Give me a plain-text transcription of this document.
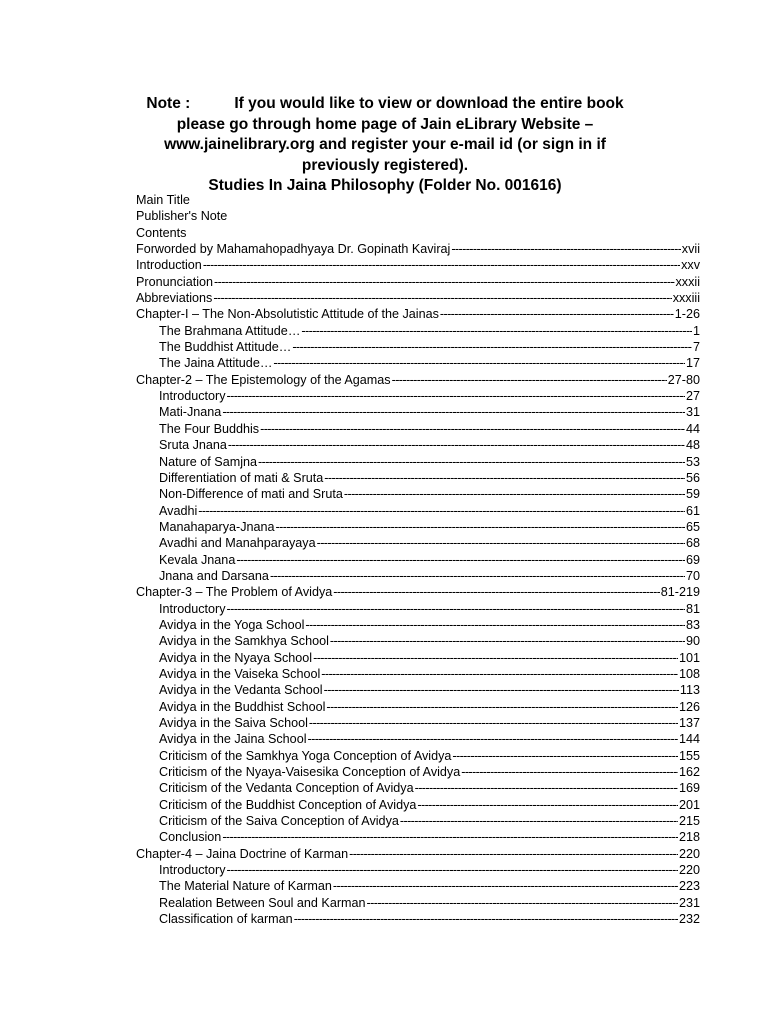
Note :	If you would like to view or download the entire book
please go through home page of Jain eLibrary Website –
www.jainelibrary.org and register your e-mail id (or sign in if
previously registered).
Studies In Jaina Philosophy (Folder No. 001616)
Main Title
Publisher's Note
Contents
Forworded by Mahamahopadhyaya Dr. Gopinath Kaviraj -----	xvii
Introduction -----	xxv
Pronunciation -----	xxxii
Abbreviations -----	xxxiii
Chapter-I – The Non-Absolutistic Attitude of the Jainas -----	1-26
The Brahmana Attitude… -----	1
The Buddhist Attitude… -----	7
The Jaina Attitude… -----	17
Chapter-2 – The Epistemology of the Agamas -----	27-80
Introductory -----	27
Mati-Jnana -----	31
The Four Buddhis -----	44
Sruta Jnana -----	48
Nature of Samjna -----	53
Differentiation of mati & Sruta -----	56
Non-Difference of mati and Sruta -----	59
Avadhi -----	61
Manahaparya-Jnana -----	65
Avadhi and Manahparayaya -----	68
Kevala Jnana -----	69
Jnana and Darsana -----	70
Chapter-3 – The Problem of Avidya -----	81-219
Introductory -----	81
Avidya in the Yoga School -----	83
Avidya in the Samkhya School -----	90
Avidya in the Nyaya School -----	101
Avidya in the Vaiseka School -----	108
Avidya in the Vedanta School -----	113
Avidya in the Buddhist School -----	126
Avidya in the Saiva School -----	137
Avidya in the Jaina School -----	144
Criticism of the Samkhya Yoga Conception of Avidya -----	155
Criticism of the Nyaya-Vaisesika Conception of Avidya -----	162
Criticism of the Vedanta Conception of Avidya -----	169
Criticism of the Buddhist Conception of Avidya -----	201
Criticism of the Saiva Conception of Avidya -----	215
Conclusion -----	218
Chapter-4 – Jaina Doctrine of Karman -----	220
Introductory -----	220
The Material Nature of Karman -----	223
Realation Between Soul and Karman -----	231
Classification of karman -----	232
